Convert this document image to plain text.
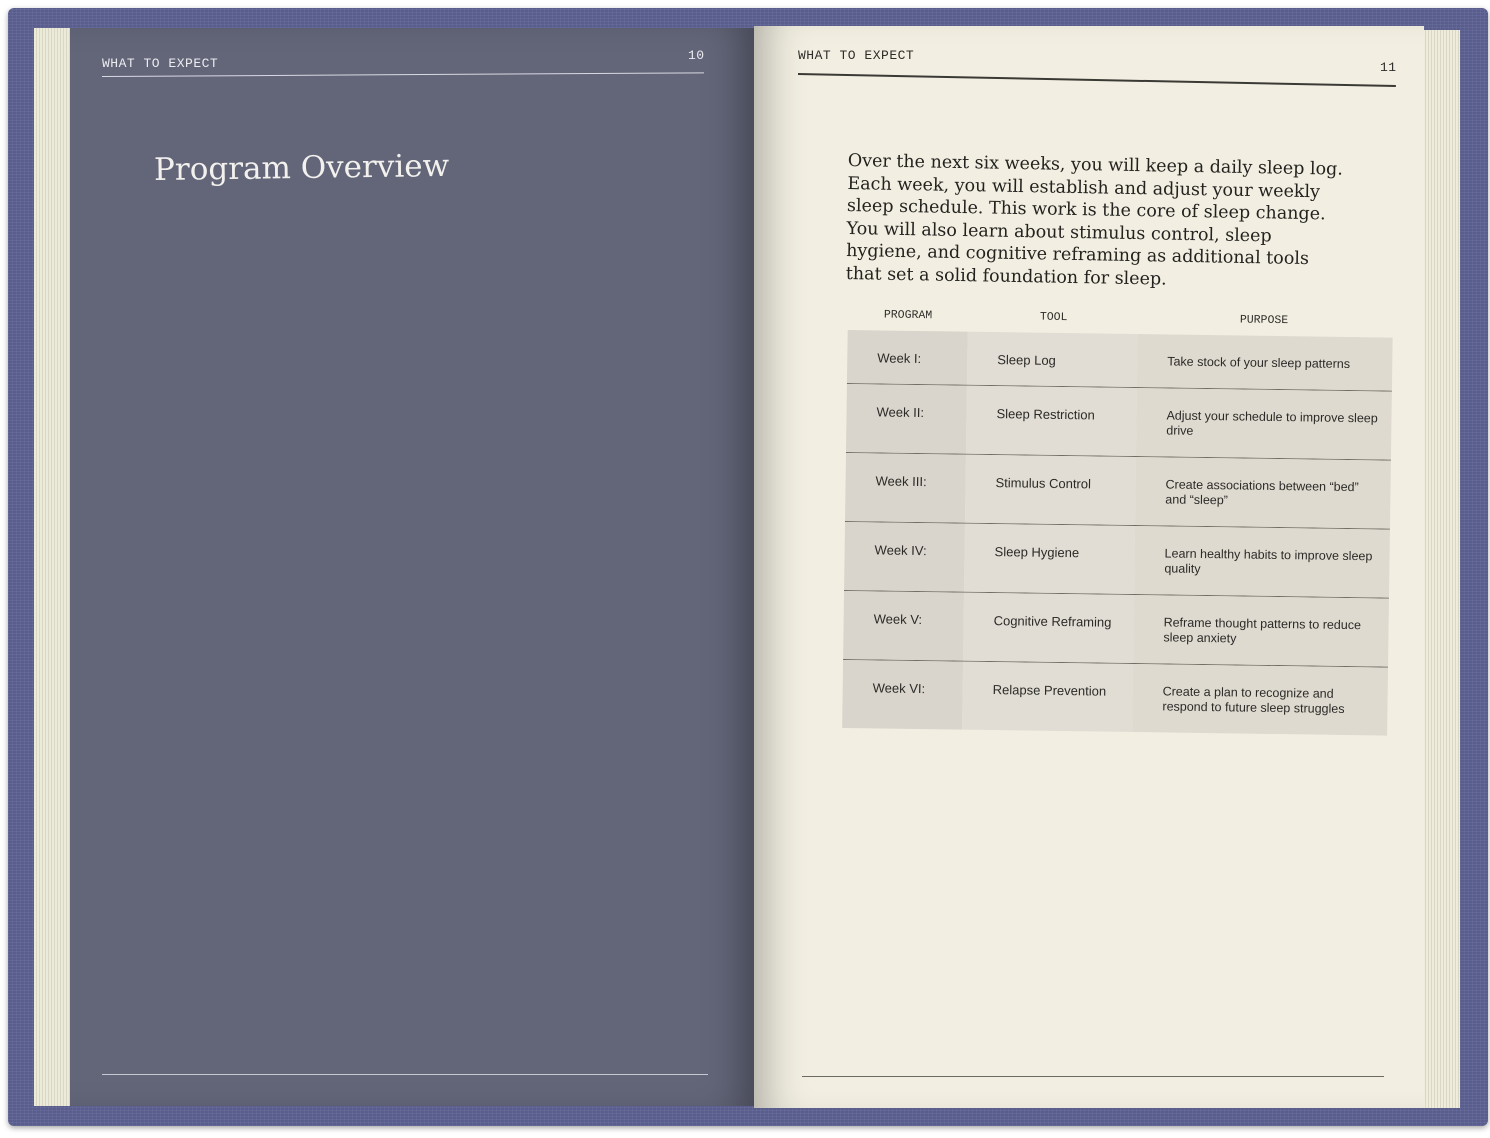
WHAT TO EXPECT
10
Program Overview
WHAT TO EXPECT
11
Over the next six weeks, you will keep a daily sleep log. Each week, you will establish and adjust your weekly sleep schedule. This work is the core of sleep change. You will also learn about stimulus control, sleep hygiene, and cognitive reframing as additional tools that set a solid foundation for sleep.
PROGRAM	TOOL	PURPOSE
Week I:	Sleep Log	Take stock of your sleep patterns
Week II:	Sleep Restriction	Adjust your schedule to improve sleep drive
Week III:	Stimulus Control	Create associations between “bed” and “sleep”
Week IV:	Sleep Hygiene	Learn healthy habits to improve sleep quality
Week V:	Cognitive Reframing	Reframe thought patterns to reduce sleep anxiety
Week VI:	Relapse Prevention	Create a plan to recognize and respond to future sleep struggles
